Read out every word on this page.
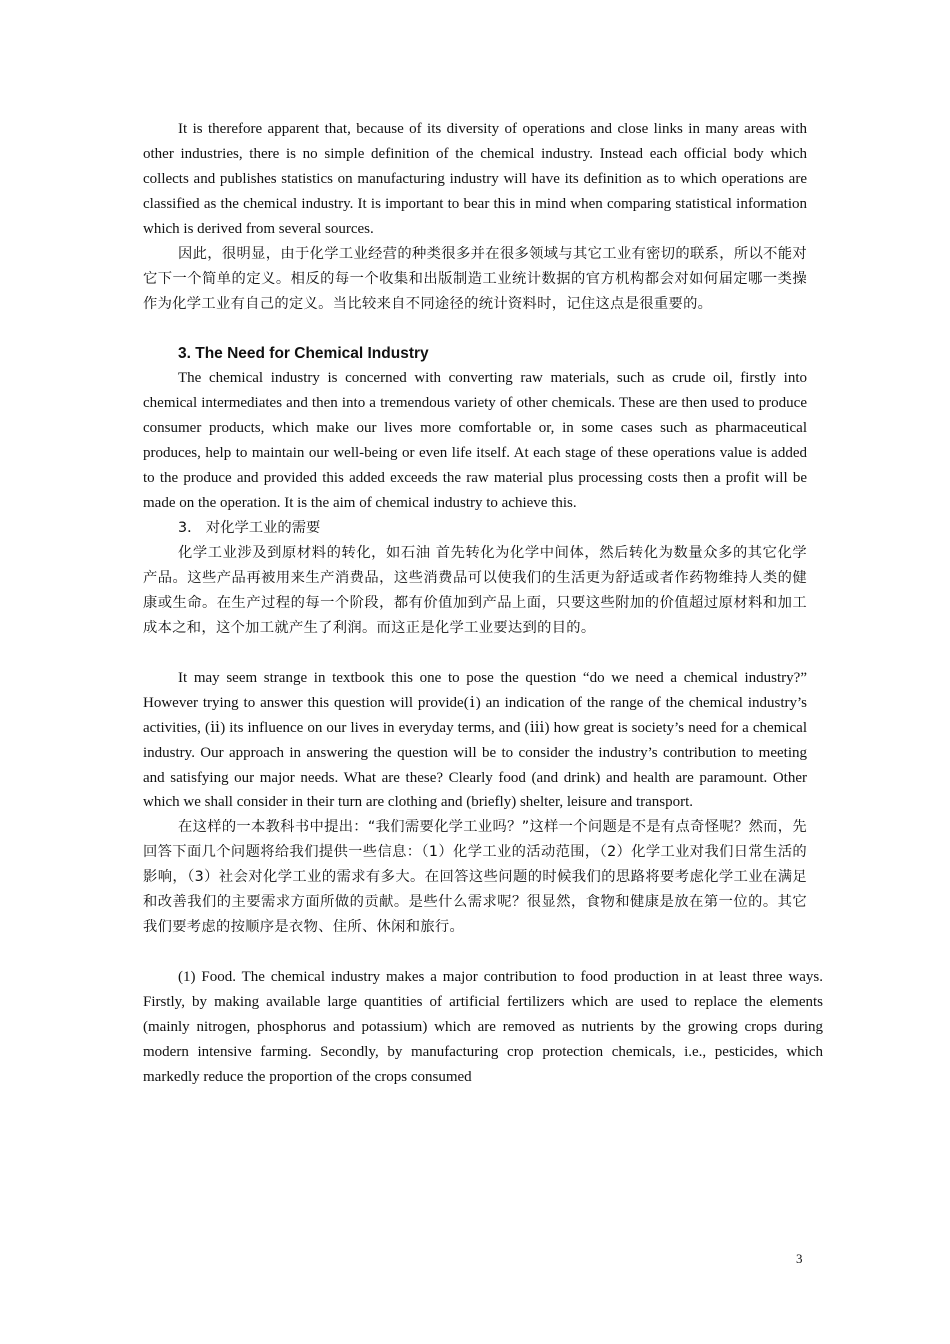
It is therefore apparent that, because of its diversity of operations and close links in many areas with other industries, there is no simple definition of the chemical industry. Instead each official body which collects and publishes statistics on manufacturing industry will have its definition as to which operations are classified as the chemical industry. It is important to bear this in mind when comparing statistical information which is derived from several sources.

因此，很明显，由于化学工业经营的种类很多并在很多领域与其它工业有密切的联系，所以不能对它下一个简单的定义。相反的每一个收集和出版制造工业统计数据的官方机构都会对如何届定哪一类操作为化学工业有自己的定义。当比较来自不同途径的统计资料时，记住这点是很重要的。

3. The Need for Chemical Industry

The chemical industry is concerned with converting raw materials, such as crude oil, firstly into chemical intermediates and then into a tremendous variety of other chemicals. These are then used to produce consumer products, which make our lives more comfortable or, in some cases such as pharmaceutical produces, help to maintain our well-being or even life itself. At each stage of these operations value is added to the produce and provided this added exceeds the raw material plus processing costs then a profit will be made on the operation. It is the aim of chemical industry to achieve this.

3． 对化学工业的需要

化学工业涉及到原材料的转化，如石油 首先转化为化学中间体，然后转化为数量众多的其它化学产品。这些产品再被用来生产消费品，这些消费品可以使我们的生活更为舒适或者作药物维持人类的健康或生命。在生产过程的每一个阶段，都有价值加到产品上面，只要这些附加的价值超过原材料和加工成本之和，这个加工就产生了利润。而这正是化学工业要达到的目的。

It may seem strange in textbook this one to pose the question “do we need a chemical industry?” However trying to answer this question will provide(ⅰ) an indication of the range of the chemical industry’s activities, (ⅱ) its influence on our lives in everyday terms, and (ⅲ) how great is society’s need for a chemical industry. Our approach in answering the question will be to consider the industry’s contribution to meeting and satisfying our major needs. What are these? Clearly food (and drink) and health are paramount. Other which we shall consider in their turn are clothing and (briefly) shelter, leisure and transport.

在这样的一本教科书中提出：“我们需要化学工业吗？”这样一个问题是不是有点奇怪呢？然而，先回答下面几个问题将给我们提供一些信息：（1）化学工业的活动范围，（2）化学工业对我们日常生活的影响，（3）社会对化学工业的需求有多大。在回答这些问题的时候我们的思路将要考虑化学工业在满足和改善我们的主要需求方面所做的贡献。是些什么需求呢？很显然，食物和健康是放在第一位的。其它我们要考虑的按顺序是衣物、住所、休闲和旅行。

(1) Food. The chemical industry makes a major contribution to food production in at least three ways. Firstly, by making available large quantities of artificial fertilizers which are used to replace the elements (mainly nitrogen, phosphorus and potassium) which are removed as nutrients by the growing crops during modern intensive farming. Secondly, by manufacturing crop protection chemicals, i.e., pesticides, which markedly reduce the proportion of the crops consumed

3
